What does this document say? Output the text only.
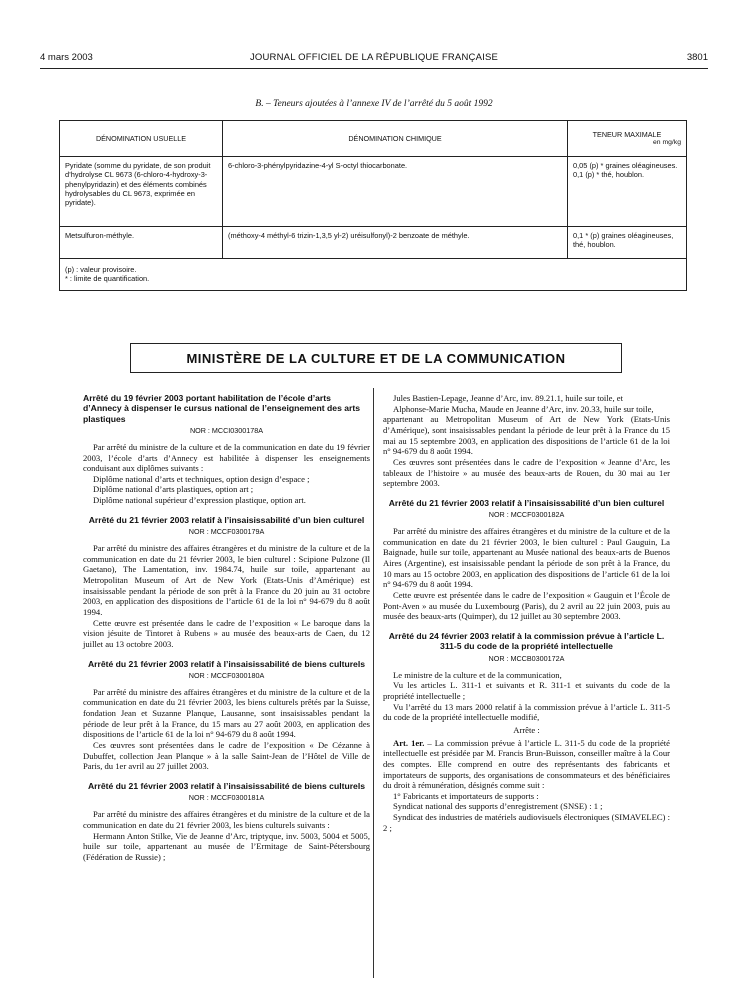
4 mars 2003	JOURNAL OFFICIEL DE LA RÉPUBLIQUE FRANÇAISE	3801
B. – Teneurs ajoutées à l’annexe IV de l’arrêté du 5 août 1992
DÉNOMINATION USUELLE	DÉNOMINATION CHIMIQUE	TENEUR MAXIMALE
en mg/kg

Pyridate (somme du pyridate, de son produit d’hydrolyse CL 9673 (6-chloro-4-hydroxy-3-phenylpyridazin) et des éléments combinés hydrolysables du CL 9673, exprimée en pyridate).	6-chloro-3-phénylpyridazine-4-yl S-octyl thiocarbonate.	0,05 (p) * graines oléagineuses. 0,1 (p) * thé, houblon.
Metsulfuron-méthyle.	(méthoxy-4 méthyl-6 trizin-1,3,5 yl-2) uréisulfonyl)-2 benzoate de méthyle.	0,1 * (p) graines oléagineuses, thé, houblon.

(p) : valeur provisoire.
* : limite de quantification.		
MINISTÈRE DE LA CULTURE ET DE LA COMMUNICATION
Arrêté du 19 février 2003 portant habilitation de l’école d’arts d’Annecy à dispenser le cursus national de l’enseignement des arts plastiques
NOR : MCCI0300178A

Par arrêté du ministre de la culture et de la communication en date du 19 février 2003, l’école d’arts d’Annecy est habilitée à dispenser les enseignements conduisant aux diplômes suivants :

Diplôme national d’arts et techniques, option design d’espace ;

Diplôme national d’arts plastiques, option art ;

Diplôme national supérieur d’expression plastique, option art.

Arrêté du 21 février 2003 relatif à l’insaisissabilité d’un bien culturel
NOR : MCCF0300179A

Par arrêté du ministre des affaires étrangères et du ministre de la culture et de la communication en date du 21 février 2003, le bien culturel : Scipione Pulzone (Il Gaetano), The Lamentation, inv. 1984.74, huile sur toile, appartenant au Metropolitan Museum of Art de New York (Etats-Unis d’Amérique) est insaisissable pendant la période de son prêt à la France du 20 juin au 31 octobre 2003, en application des dispositions de l’article 61 de la loi n° 94-679 du 8 août 1994.

Cette œuvre est présentée dans le cadre de l’exposition « Le baroque dans la vision jésuite de Tintoret à Rubens » au musée des beaux-arts de Caen, du 12 juillet au 13 octobre 2003.

Arrêté du 21 février 2003 relatif à l’insaisissabilité de biens culturels
NOR : MCCF0300180A

Par arrêté du ministre des affaires étrangères et du ministre de la culture et de la communication en date du 21 février 2003, les biens culturels prêtés par la Suisse, fondation Jean et Suzanne Planque, Lausanne, sont insaisissables pendant la période de leur prêt à la France, du 15 mars au 27 août 2003, en application des dispositions de l’article 61 de la loi n° 94-679 du 8 août 1994.

Ces œuvres sont présentées dans le cadre de l’exposition « De Cézanne à Dubuffet, collection Jean Planque » à la salle Saint-Jean de l’Hôtel de Ville de Paris, du 1er avril au 27 juillet 2003.

Arrêté du 21 février 2003 relatif à l’insaisissabilité de biens culturels
NOR : MCCF0300181A

Par arrêté du ministre des affaires étrangères et du ministre de la culture et de la communication en date du 21 février 2003, les biens culturels suivants :

Hermann Anton Stilke, Vie de Jeanne d’Arc, triptyque, inv. 5003, 5004 et 5005, huile sur toile, appartenant au musée de l’Ermitage de Saint-Pétersbourg (Fédération de Russie) ;

Jules Bastien-Lepage, Jeanne d’Arc, inv. 89.21.1, huile sur toile, et

Alphonse-Marie Mucha, Maude en Jeanne d’Arc, inv. 20.33, huile sur toile,

appartenant au Metropolitan Museum of Art de New York (Etats-Unis d’Amérique), sont insaisissables pendant la période de leur prêt à la France du 15 mai au 15 septembre 2003, en application des dispositions de l’article 61 de la loi n° 94-679 du 8 août 1994.

Ces œuvres sont présentées dans le cadre de l’exposition « Jeanne d’Arc, les tableaux de l’histoire » au musée des beaux-arts de Rouen, du 30 mai au 1er septembre 2003.

Arrêté du 21 février 2003 relatif à l’insaisissabilité d’un bien culturel
NOR : MCCF0300182A

Par arrêté du ministre des affaires étrangères et du ministre de la culture et de la communication en date du 21 février 2003, le bien culturel : Paul Gauguin, La Baignade, huile sur toile, appartenant au Musée national des beaux-arts de Buenos Aires (Argentine), est insaisissable pendant la période de son prêt à la France, du 10 mars au 15 octobre 2003, en application des dispositions de l’article 61 de la loi n° 94-679 du 8 août 1994.

Cette œuvre est présentée dans le cadre de l’exposition « Gauguin et l’École de Pont-Aven » au musée du Luxembourg (Paris), du 2 avril au 22 juin 2003, puis au musée des beaux-arts (Quimper), du 12 juillet au 30 septembre 2003.

Arrêté du 24 février 2003 relatif à la commission prévue à l’article L. 311-5 du code de la propriété intellectuelle
NOR : MCCB0300172A

Le ministre de la culture et de la communication,

Vu les articles L. 311-1 et suivants et R. 311-1 et suivants du code de la propriété intellectuelle ;

Vu l’arrêté du 13 mars 2000 relatif à la commission prévue à l’article L. 311-5 du code de la propriété intellectuelle modifié,

Arrête :

Art. 1er. – La commission prévue à l’article L. 311-5 du code de la propriété intellectuelle est présidée par M. Francis Brun-Buisson, conseiller maître à la Cour des comptes. Elle comprend en outre des représentants des fabricants et importateurs de supports, des organisations de consommateurs et des bénéficiaires du droit à rémunération, désignés comme suit :

1° Fabricants et importateurs de supports :

Syndicat national des supports d’enregistrement (SNSE) : 1 ;

Syndicat des industries de matériels audiovisuels électroniques (SIMAVELEC) : 2 ;
